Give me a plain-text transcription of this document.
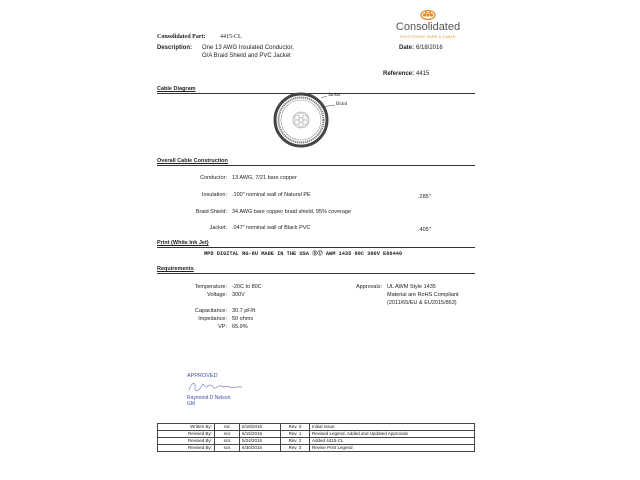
Consolidated Part: 4415-CL
Description: One 13 AWG Insulated Conductor,
O/A Braid Shield and PVC Jacket
Date: 6/18/2016
Reference: 4415
Consolidated
ELECTRONIC WIRE & CABLE
Cable Diagram
Jacket
Braid
Overall Cable Construction
Conductor: 13 AWG, 7/21 bare copper
Insulation: .100" nominal wall of Natural PE	.285"
Braid Shield: 34 AWG bare copper braid shield, 95% coverage
Jacket: .047" nominal wall of Black PVC	.405"
Print (White Ink Jet)
MPD DIGITAL RG-8U MADE IN THE USA ⓇⓊ AWM 1435 80C 300V E66440
Requirements
Temperature: -20C to 80C
Voltage: 300V
Capacitance: 30.7 pF/ft
Impedance: 50 ohms
VP: 65.9%
Approvals: UL AWM Style 1435
Material are RoHS Compliant
(2011/65/EU & EU2015/863)
APPROVED
Raymond D Nelson
GM
Written By:	rac	6/18/2016	Rev. 0	Initial Issue
Revised By:	scs	6/15/2016	Rev. 1	Revised Legend, Added and Updated Approvals
Revised By:	scs	5/24/2016	Rev. 2	Added 4415-CL
Revised By:	scs	6/30/2016	Rev. 3	Revise Print Legend
